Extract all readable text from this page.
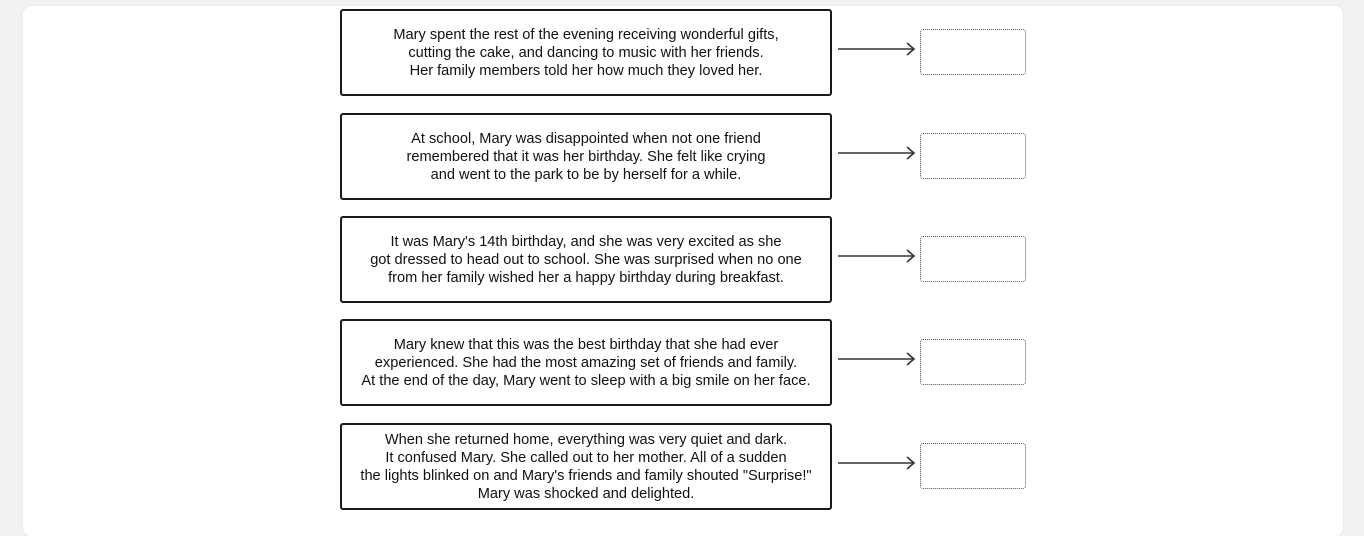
Mary spent the rest of the evening receiving wonderful gifts,
cutting the cake, and dancing to music with her friends.
Her family members told her how much they loved her.
At school, Mary was disappointed when not one friend
remembered that it was her birthday. She felt like crying
and went to the park to be by herself for a while.
It was Mary's 14th birthday, and she was very excited as she
got dressed to head out to school. She was surprised when no one
from her family wished her a happy birthday during breakfast.
Mary knew that this was the best birthday that she had ever
experienced. She had the most amazing set of friends and family.
At the end of the day, Mary went to sleep with a big smile on her face.
When she returned home, everything was very quiet and dark.
It confused Mary. She called out to her mother. All of a sudden
the lights blinked on and Mary's friends and family shouted "Surprise!"
Mary was shocked and delighted.
